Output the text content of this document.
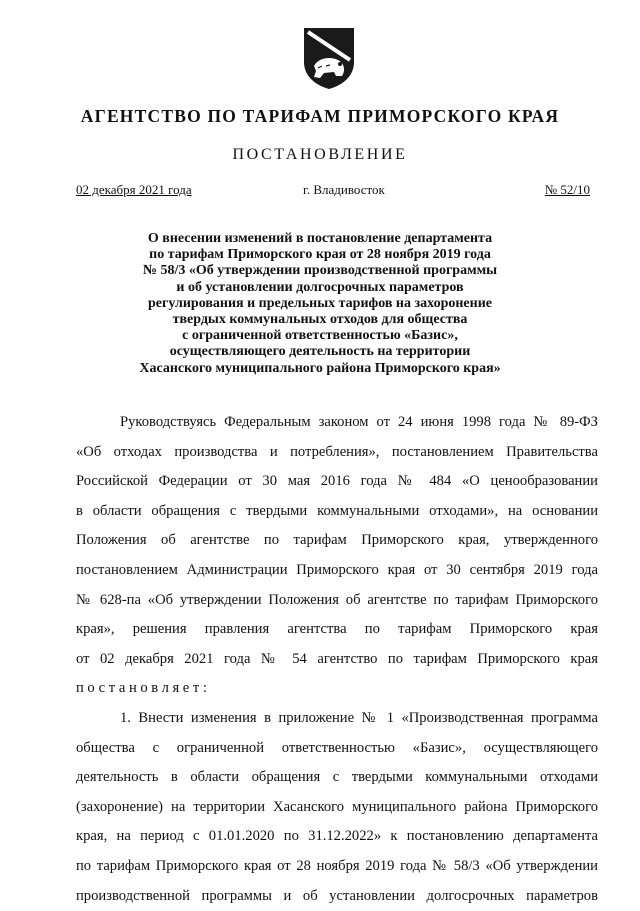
АГЕНТСТВО ПО ТАРИФАМ ПРИМОРСКОГО КРАЯ
ПОСТАНОВЛЕНИЕ
02 декабря 2021 года	г. Владивосток	№ 52/10
О внесении изменений в постановление департамента
по тарифам Приморского края от 28 ноября 2019 года
№ 58/3 «Об утверждении производственной программы
и об установлении долгосрочных параметров
регулирования и предельных тарифов на захоронение
твердых коммунальных отходов для общества
с ограниченной ответственностью «Базис»,
осуществляющего деятельность на территории
Хасанского муниципального района Приморского края»
Руководствуясь Федеральным законом от 24 июня 1998 года № 89-ФЗ
«Об отходах производства и потребления», постановлением Правительства
Российской Федерации от 30 мая 2016 года № 484 «О ценообразовании
в области обращения с твердыми коммунальными отходами», на основании
Положения об агентстве по тарифам Приморского края, утвержденного
постановлением Администрации Приморского края от 30 сентября 2019 года
№ 628-па «Об утверждении Положения об агентстве по тарифам Приморского
края», решения правления агентства по тарифам Приморского края
от 02 декабря 2021 года № 54 агентство по тарифам Приморского края
постановляет:
1. Внести изменения в приложение № 1 «Производственная программа
общества с ограниченной ответственностью «Базис», осуществляющего
деятельность в области обращения с твердыми коммунальными отходами
(захоронение) на территории Хасанского муниципального района Приморского
края, на период с 01.01.2020 по 31.12.2022» к постановлению департамента
по тарифам Приморского края от 28 ноября 2019 года № 58/3 «Об утверждении
производственной программы и об установлении долгосрочных параметров
